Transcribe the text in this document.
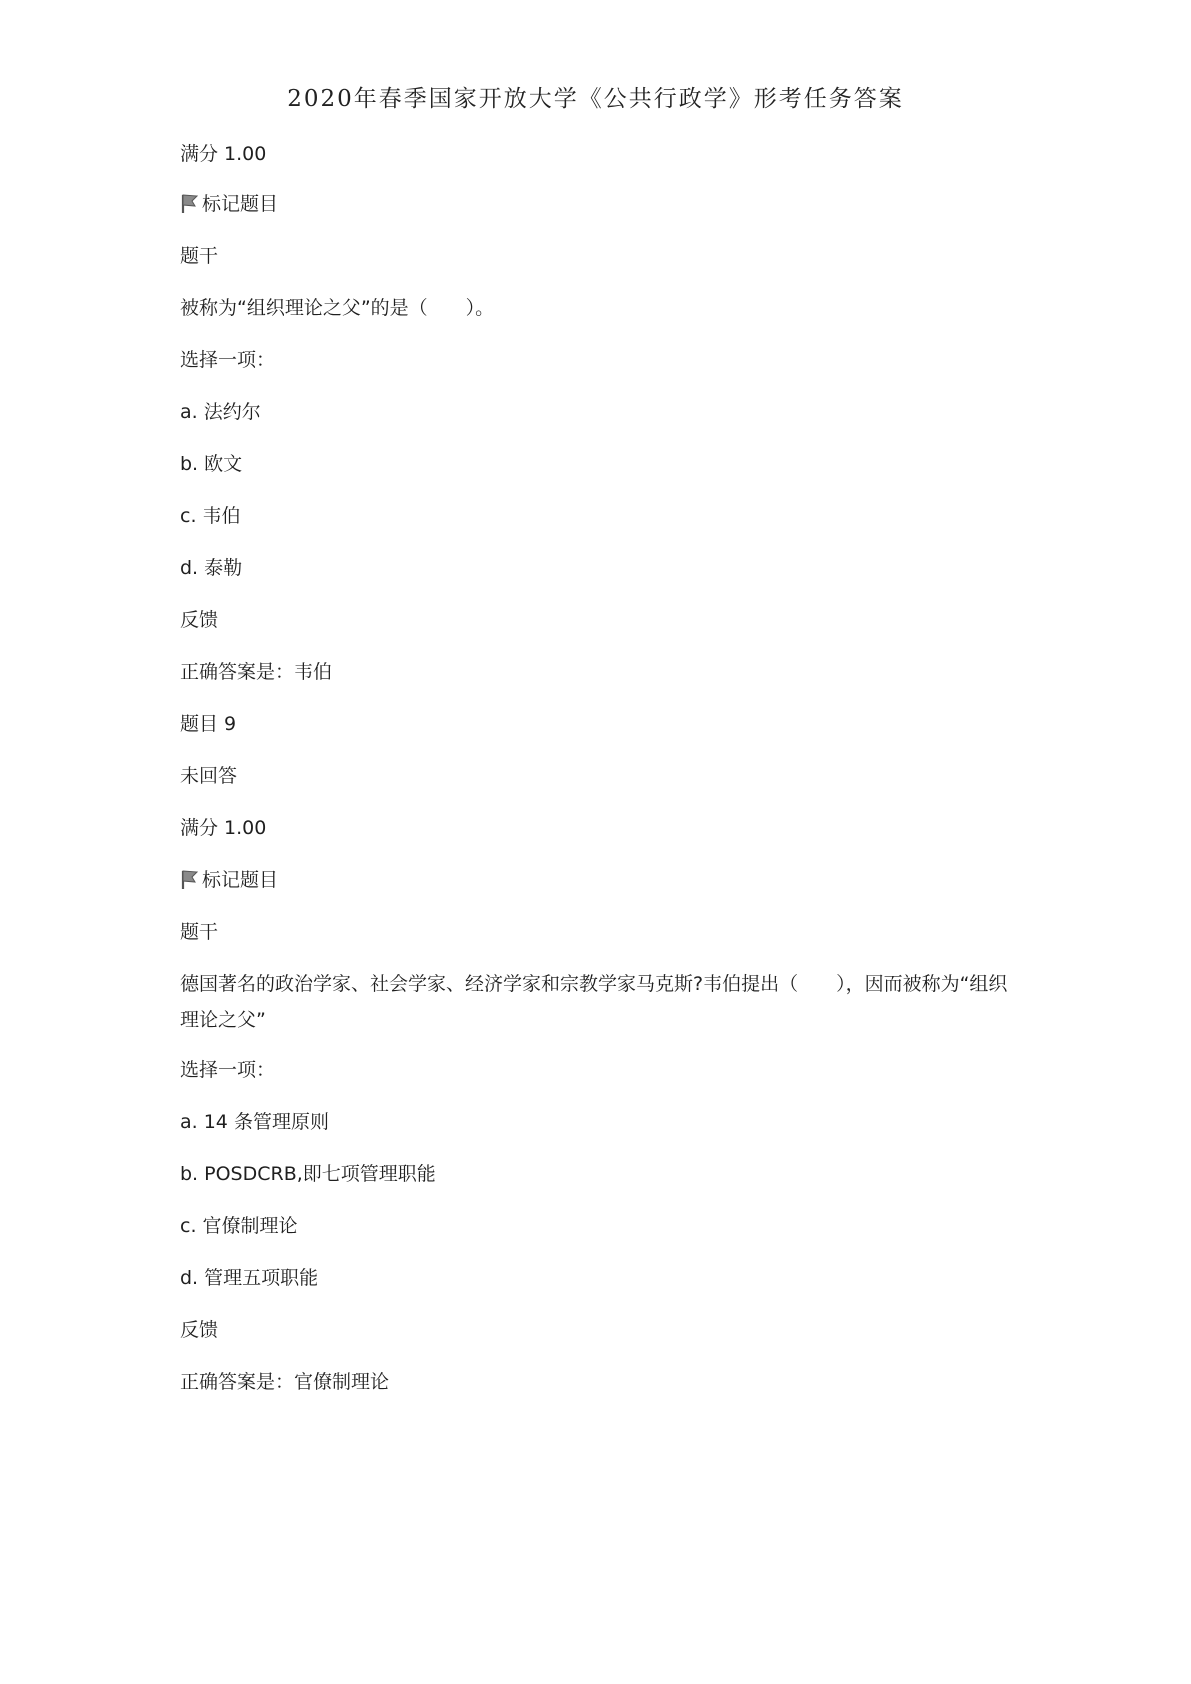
2020年春季国家开放大学《公共行政学》形考任务答案
满分 1.00
标记题目
题干
被称为“组织理论之父”的是（　　）。
选择一项：
a. 法约尔
b. 欧文
c. 韦伯
d. 泰勒
反馈
正确答案是：韦伯
题目 9
未回答
满分 1.00
标记题目
题干
德国著名的政治学家、社会学家、经济学家和宗教学家马克斯?韦伯提出（　　），因而被称为“组织理论之父”
选择一项：
a. 14 条管理原则
b. POSDCRB,即七项管理职能
c. 官僚制理论
d. 管理五项职能
反馈
正确答案是：官僚制理论
